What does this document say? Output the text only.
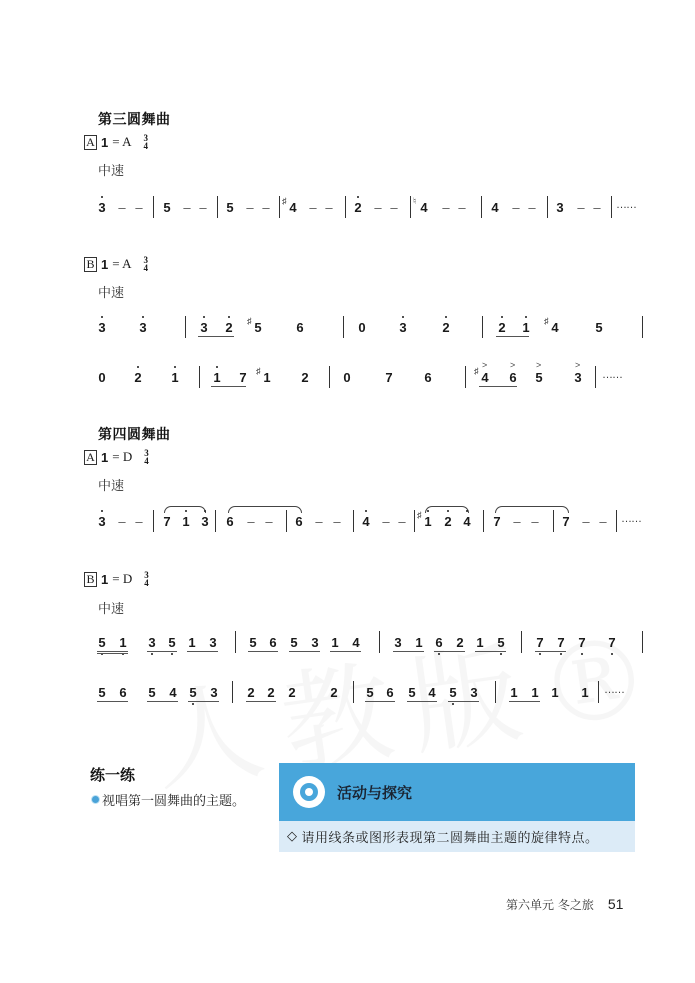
第三圆舞曲
A 1 = A 3
4
中速
3 – – 5 – – 5 – – ♯ 4 – – 2 – – ♮ 4 – – 4 – – 3 – – ……
B 1 = A 3
4
中速
3	3	3 2 ♯ 5	6	0	3	2	2 1 ♯ 4	5
0 2 1	1 7 ♯ 1 2	0	7 6	♯
>
4
>
6
>
5
>
3 ……
第四圆舞曲
A 1 = D 3
4
中速
3 – – 7 1 3 6 – – 6 – – 4 – – ♯ 1 2 4 7 – – 7 – – ……
B 1 = D 3
4
中速
5 1 3 5 1 3	5 6 5 3 1 4	3 1 6 2 1 5 7 7 7 7
5 6 5 4 5 3 2 2 2	2 5 6 5 4 5 3	1 1 1 1 ……
练一练
视唱第一圆舞曲的主题。	活动与探究
◇ 请用线条或图形表现第二圆舞曲主题的旋律特点。
第六单元 冬之旅 51
